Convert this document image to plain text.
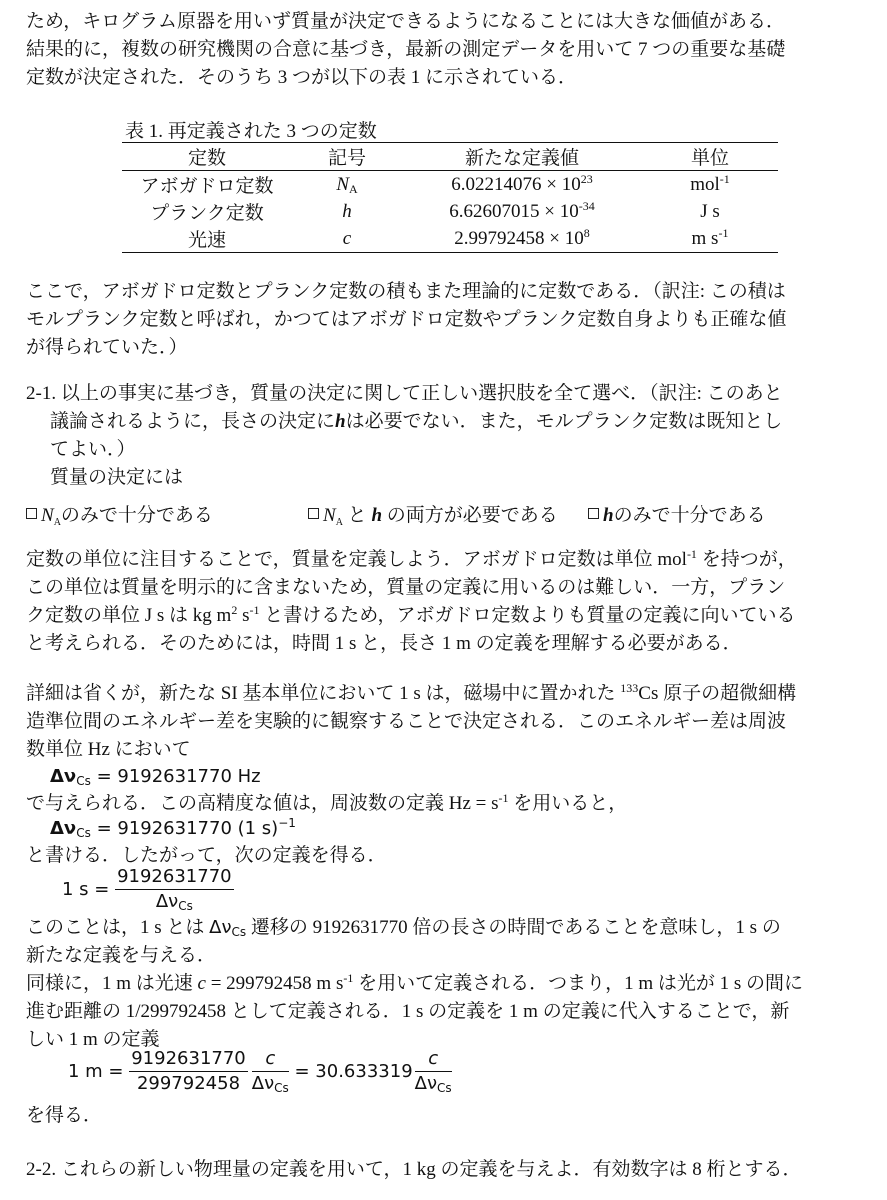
ため，キログラム原器を用いず質量が決定できるようになることには大きな価値がある．
結果的に，複数の研究機関の合意に基づき，最新の測定データを用いて 7 つの重要な基礎
定数が決定された．そのうち 3 つが以下の表 1 に示されている．
表 1. 再定義された 3 つの定数
定数	記号	新たな定義値	単位
アボガドロ定数	$N_A$	$6.02214076 \times 10^{23}$	mol$^{-1}$
プランク定数	h	$6.62607015 \times 10^{-34}$	J s
光速	c	$2.99792458 \times 10^8$	m $s^{-1}$
ここで，アボガドロ定数とプランク定数の積もまた理論的に定数である．（訳注: この積は
モルプランク定数と呼ばれ，かつてはアボガドロ定数やプランク定数自身よりも正確な値
が得られていた．）
2-1. 以上の事実に基づき，質量の決定に関して正しい選択肢を全て選べ．（訳注: このあと
議論されるように，長さの決定にhは必要でない．また，モルプランク定数は既知とし
てよい．）
質量の決定には
$N_A$のみで十分である	$N_A$ と h の両方が必要である	hのみで十分である
定数の単位に注目することで，質量を定義しよう．アボガドロ定数は単位 mol$^{-1}$ を持つが，
この単位は質量を明示的に含まないため，質量の定義に用いるのは難しい．一方，プラン
ク定数の単位 J s は kg $m^2$ $s^{-1}$ と書けるため，アボガドロ定数よりも質量の定義に向いている
と考えられる．そのためには，時間 1 s と，長さ 1 m の定義を理解する必要がある．
詳細は省くが，新たな SI 基本単位において 1 s は，磁場中に置かれた $^{133}$Cs 原子の超微細構
造準位間のエネルギー差を実験的に観察することで決定される．このエネルギー差は周波
数単位 Hz において
$\Delta\nu_{Cs} = 9192631770$ Hz
で与えられる．この高精度な値は，周波数の定義 $Hz = s^{-1}$ を用いると，
$\Delta\nu_{Cs} = 9192631770$ (1 s)$^{-1}$
と書ける．したがって，次の定義を得る．
1 $s = \frac{9192631770}{\Delta\nu_{Cs}}$
このことは，1 s とは $\Delta\nu_{Cs}$ 遷移の 9192631770 倍の長さの時間であることを意味し，1 s の
新たな定義を与える．
同様に，1 m は光速 c = 299792458 m $s^{-1}$ を用いて定義される．つまり，1 m は光が 1 s の間に
進む距離の 1/299792458 として定義される．1 s の定義を 1 m の定義に代入することで，新
しい 1 m の定義
1 $m = \frac{9192631770}{299792458} \frac{c}{\Delta\nu_{Cs}} = 30.633319 \frac{c}{\Delta\nu_{Cs}}$
を得る．
2-2. これらの新しい物理量の定義を用いて，1 kg の定義を与えよ．有効数字は 8 桁とする．
